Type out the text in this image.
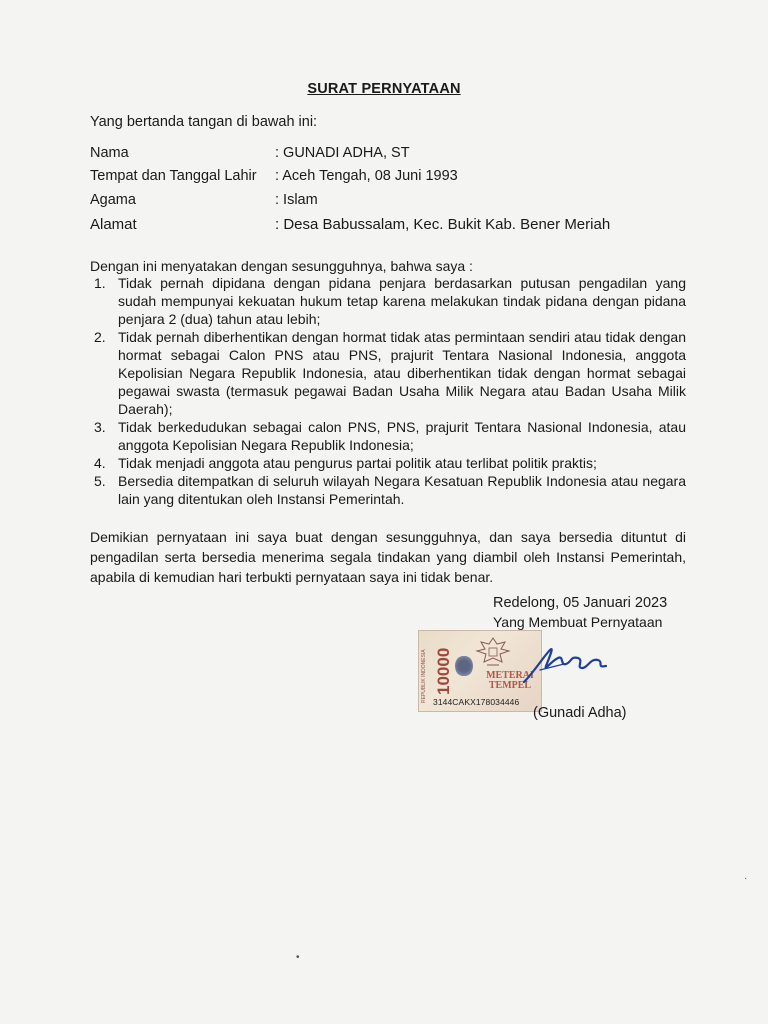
SURAT PERNYATAAN
Yang bertanda tangan di bawah ini:
Nama	: GUNADI ADHA, ST
Tempat dan Tanggal Lahir	: Aceh Tengah, 08 Juni 1993
Agama	: Islam
Alamat	: Desa Babussalam, Kec. Bukit Kab. Bener Meriah
Dengan ini menyatakan dengan sesungguhnya, bahwa saya :
1. Tidak pernah dipidana dengan pidana penjara berdasarkan putusan pengadilan yang sudah mempunyai kekuatan hukum tetap karena melakukan tindak pidana dengan pidana penjara 2 (dua) tahun atau lebih;
2. Tidak pernah diberhentikan dengan hormat tidak atas permintaan sendiri atau tidak dengan hormat sebagai Calon PNS atau PNS, prajurit Tentara Nasional Indonesia, anggota Kepolisian Negara Republik Indonesia, atau diberhentikan tidak dengan hormat sebagai pegawai swasta (termasuk pegawai Badan Usaha Milik Negara atau Badan Usaha Milik Daerah);
3. Tidak berkedudukan sebagai calon PNS, PNS, prajurit Tentara Nasional Indonesia, atau anggota Kepolisian Negara Republik Indonesia;
4. Tidak menjadi anggota atau pengurus partai politik atau terlibat politik praktis;
5. Bersedia ditempatkan di seluruh wilayah Negara Kesatuan Republik Indonesia atau negara lain yang ditentukan oleh Instansi Pemerintah.
Demikian pernyataan ini saya buat dengan sesungguhnya, dan saya bersedia dituntut di pengadilan serta bersedia menerima segala tindakan yang diambil oleh Instansi Pemerintah, apabila di kemudian hari terbukti pernyataan saya ini tidak benar.
Redelong, 05 Januari 2023
Yang Membuat Pernyataan
REPUBLIK INDONESIA 10000	METERAI
TEMPEL
3144CAKX178034446
(Gunadi Adha)
•
·
